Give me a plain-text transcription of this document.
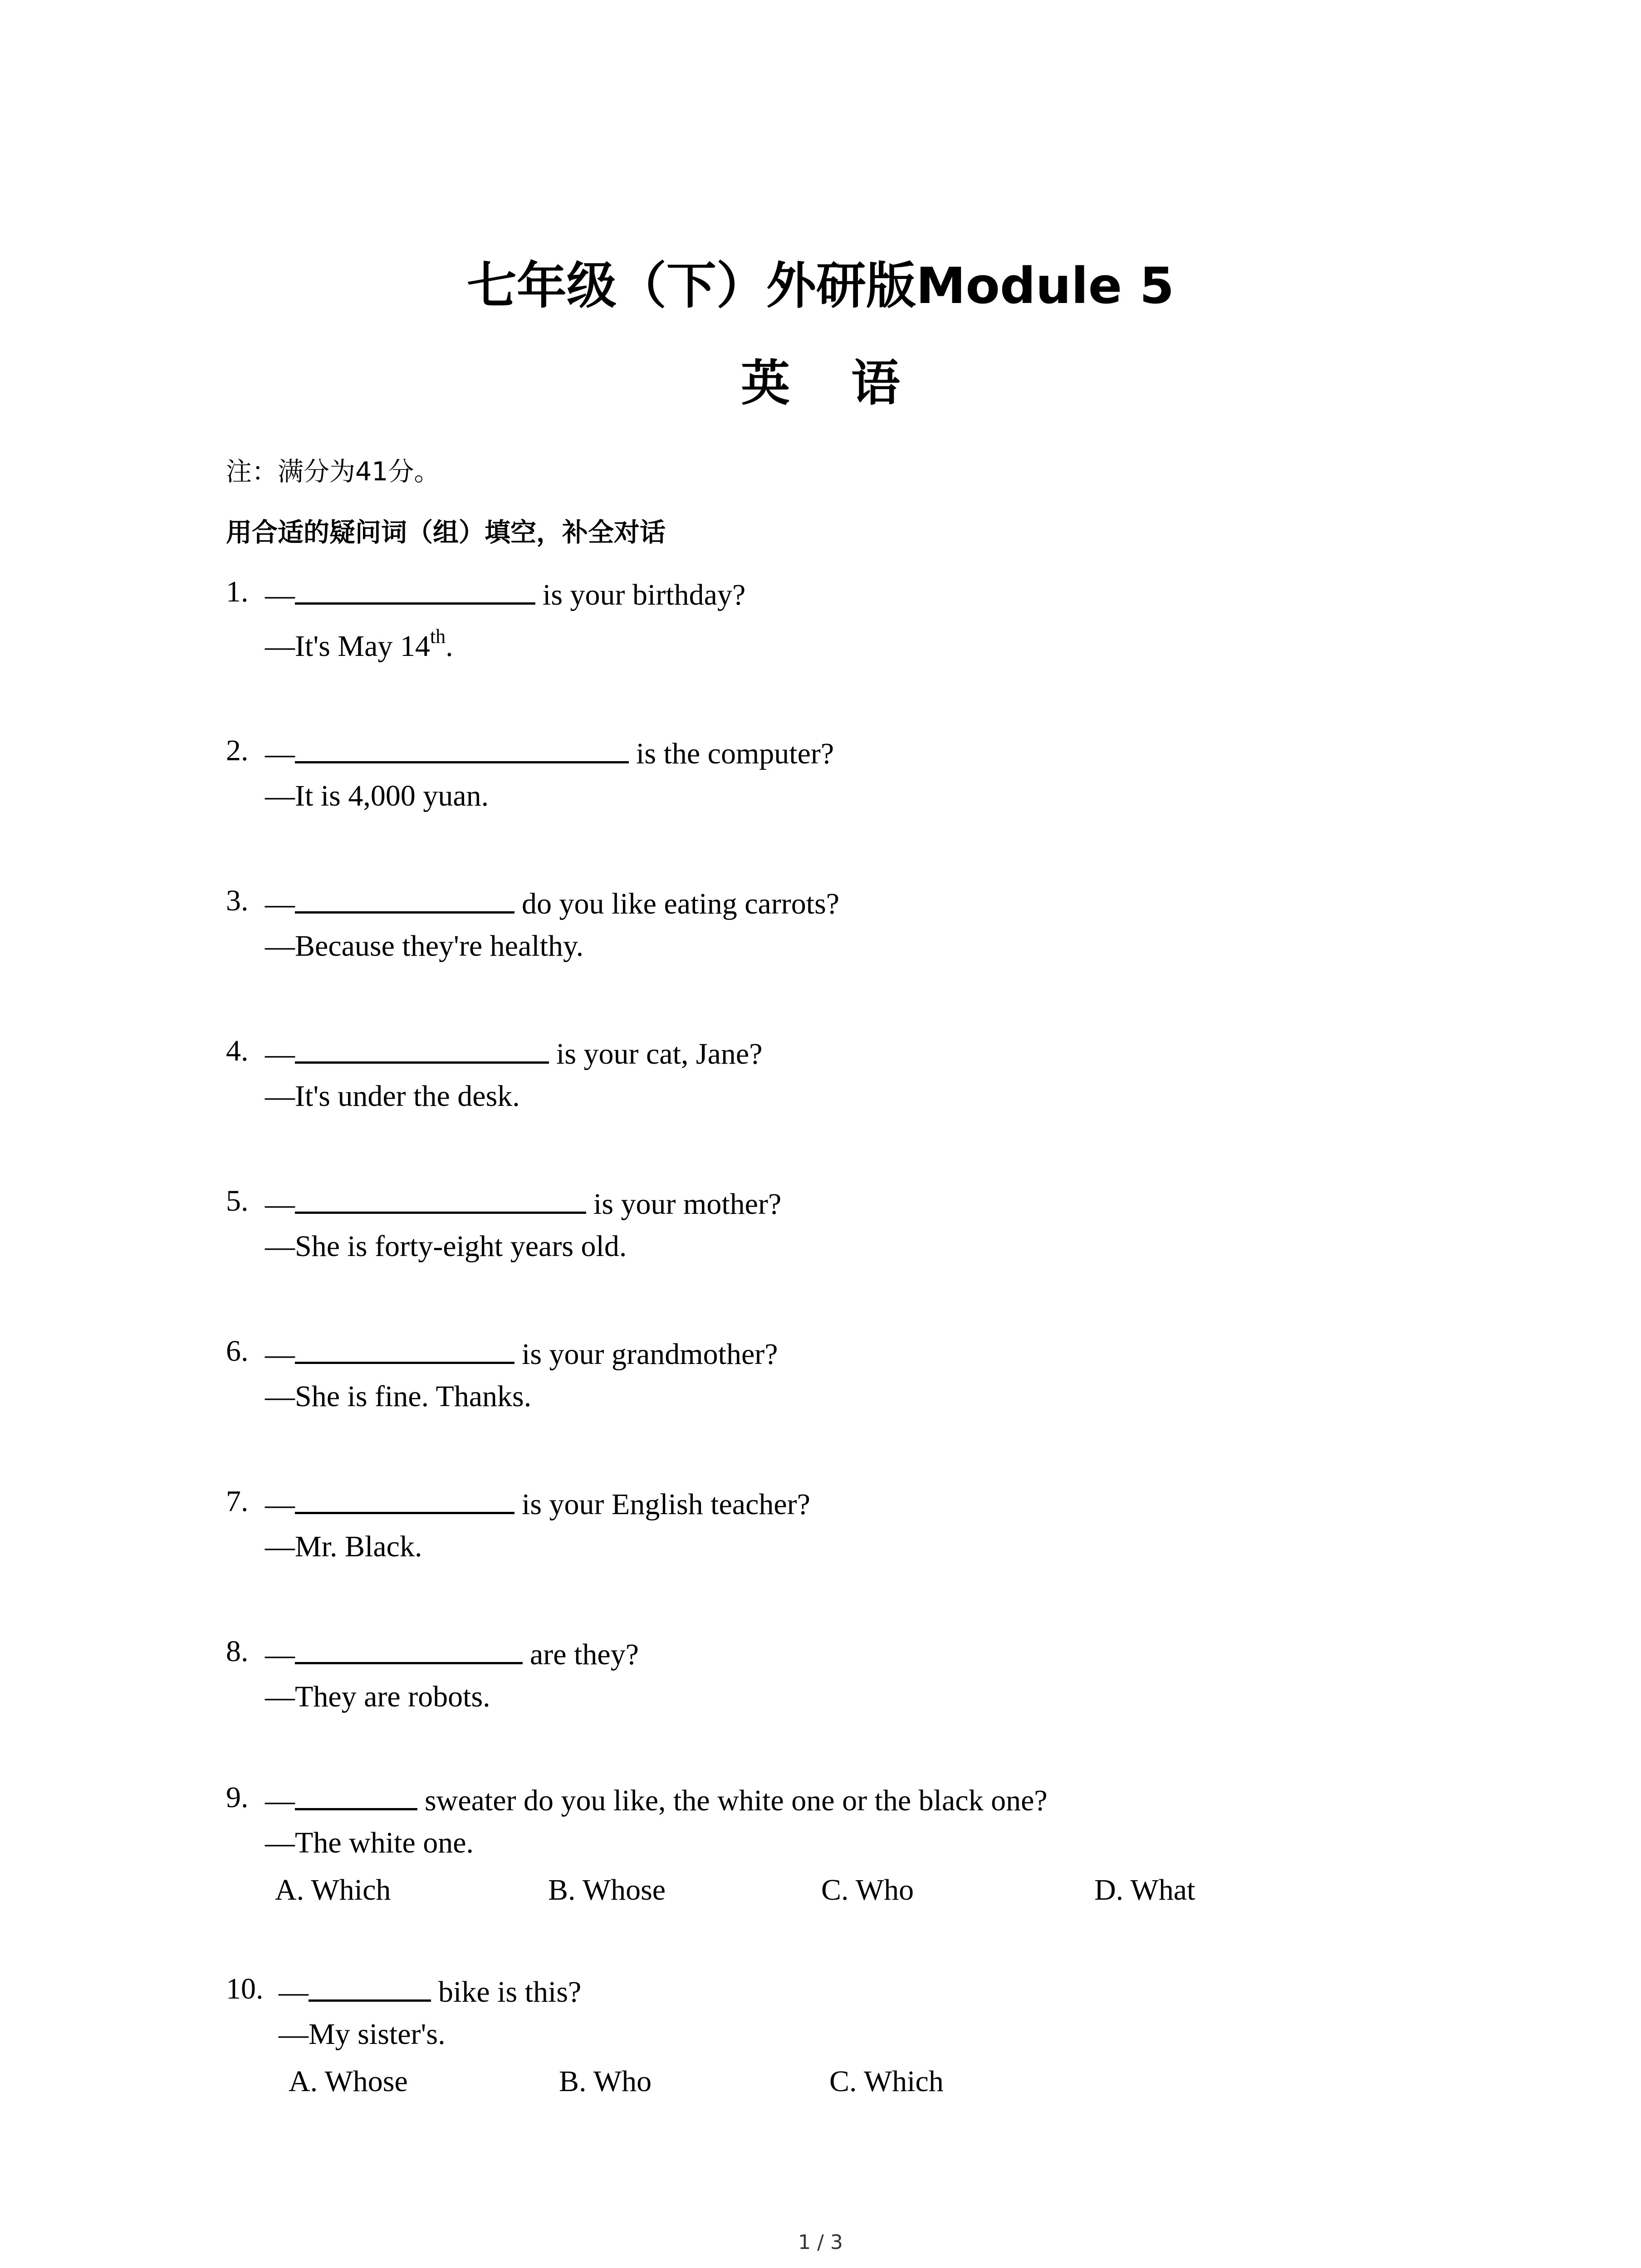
七年级（下）外研版Module 5
英 语
注：满分为41分。
用合适的疑问词（组）填空，补全对话
1. —	is your birthday?
—It's May 14th.
2. —	is the computer?
—It is 4,000 yuan.
3. —	do you like eating carrots?
—Because they're healthy.
4. —	is your cat, Jane?
—It's under the desk.
5. —	is your mother?
—She is forty-eight years old.
6. —	is your grandmother?
—She is fine. Thanks.
7. —	is your English teacher?
—Mr. Black.
8. —	are they?
—They are robots.
9. —	sweater do you like, the white one or the black one?
—The white one.
A. Which	B. Whose	C. Who	D. What
10. —	bike is this?
—My sister's.
A. Whose	B. Who	C. Which
1 / 3
